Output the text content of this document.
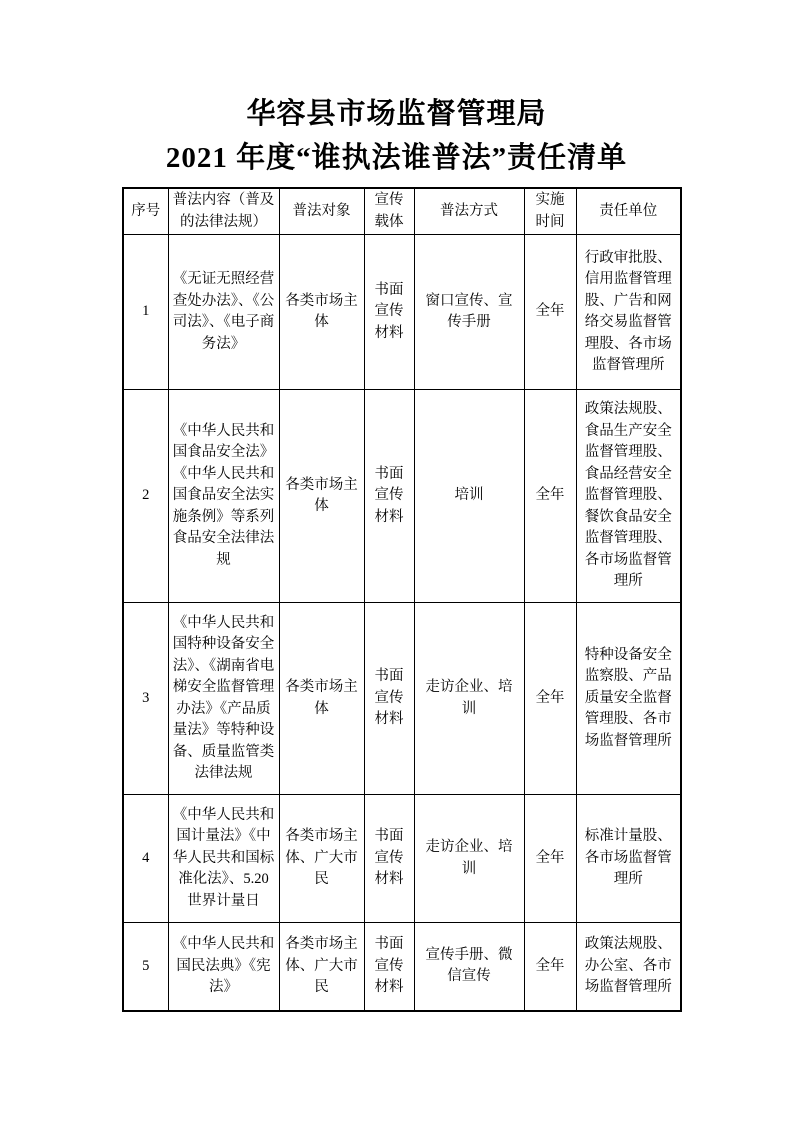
华容县市场监督管理局
2021 年度“谁执法谁普法”责任清单
序号	普法内容（普及的法律法规）	普法对象	宣传载体	普法方式	实施时间	责任单位
1	《无证无照经营查处办法》、《公司法》、《电子商务法》	各类市场主体	书面宣传材料	窗口宣传、宣传手册	全年	行政审批股、信用监督管理股、广告和网络交易监督管理股、各市场监督管理所
2	《中华人民共和国食品安全法》《中华人民共和国食品安全法实施条例》等系列食品安全法律法规	各类市场主体	书面宣传材料	培训	全年	政策法规股、食品生产安全监督管理股、食品经营安全监督管理股、餐饮食品安全监督管理股、各市场监督管理所
3	《中华人民共和国特种设备安全法》、《湖南省电梯安全监督管理办法》《产品质量法》等特种设备、质量监管类法律法规	各类市场主体	书面宣传材料	走访企业、培训	全年	特种设备安全监察股、产品质量安全监督管理股、各市场监督管理所
4	《中华人民共和国计量法》《中华人民共和国标准化法》、5.20 世界计量日	各类市场主体、广大市民	书面宣传材料	走访企业、培训	全年	标准计量股、各市场监督管理所
5	《中华人民共和国民法典》《宪法》	各类市场主体、广大市民	书面宣传材料	宣传手册、微信宣传	全年	政策法规股、办公室、各市场监督管理所
